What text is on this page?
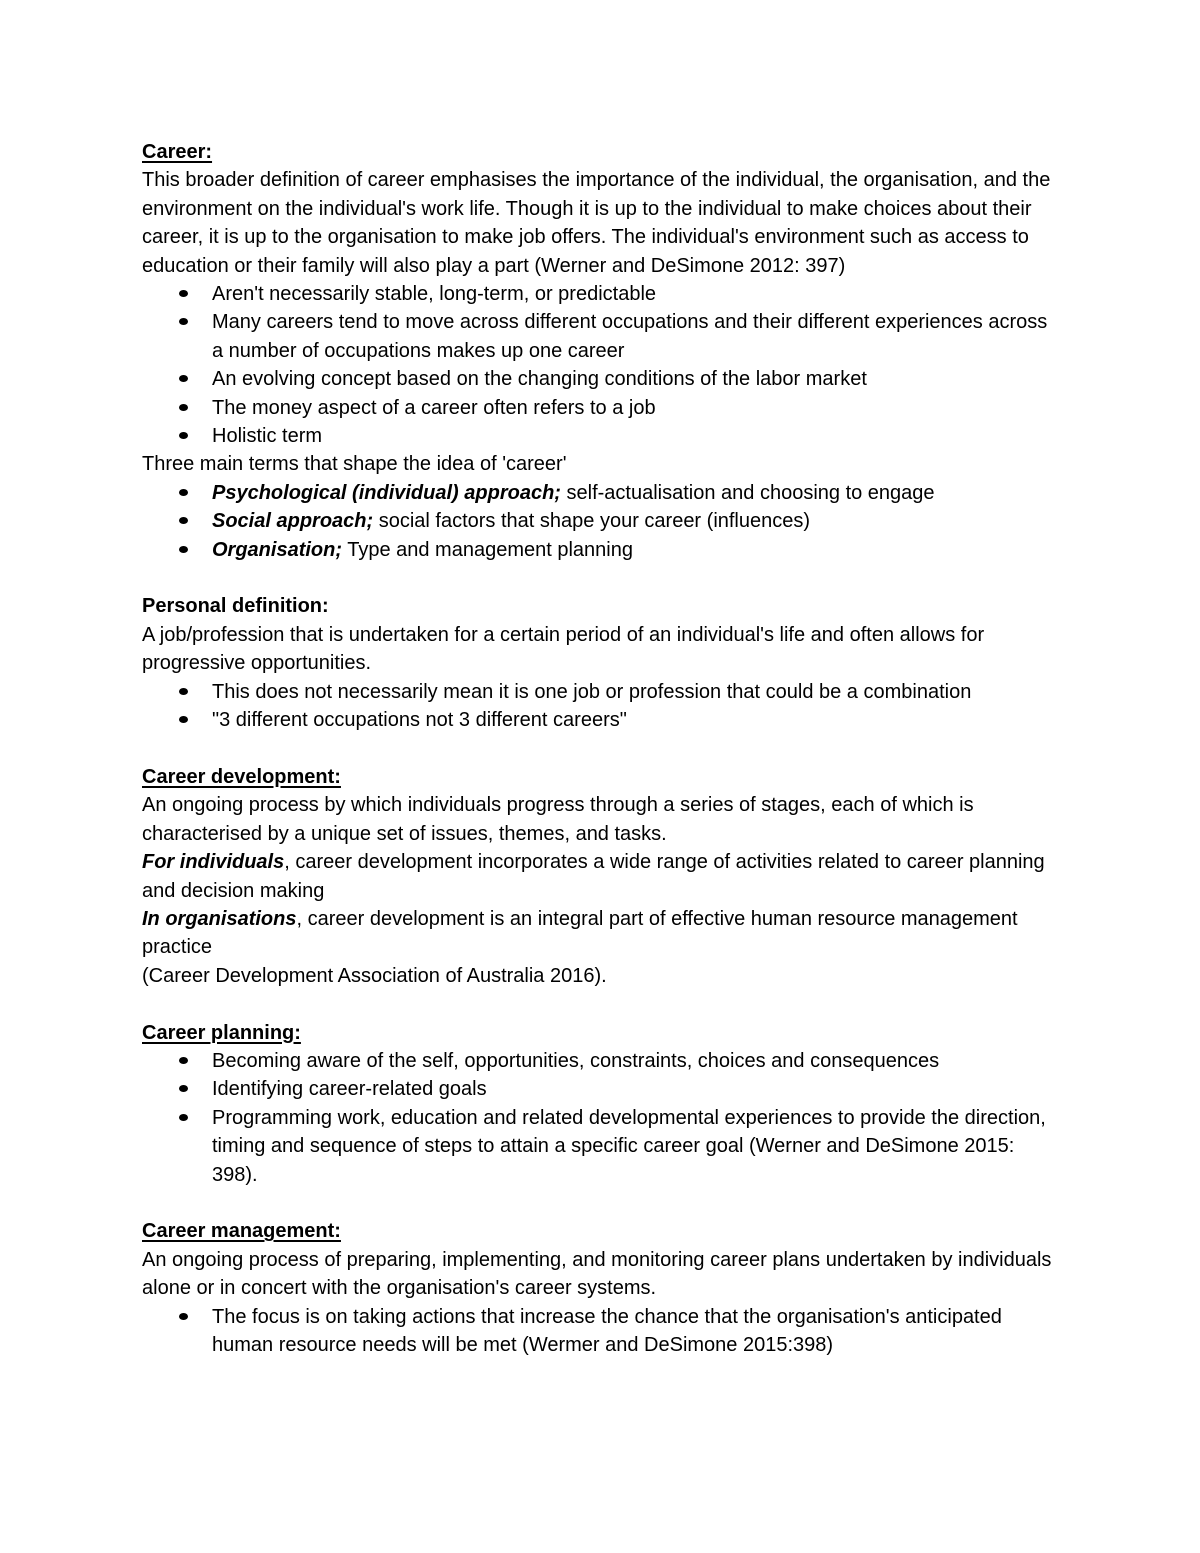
Career:

This broader definition of career emphasises the importance of the individual, the organisation, and the environment on the individual's work life. Though it is up to the individual to make choices about their career, it is up to the organisation to make job offers. The individual's environment such as access to education or their family will also play a part (Werner and DeSimone 2012: 397)

Aren't necessarily stable, long-term, or predictable
Many careers tend to move across different occupations and their different experiences across a number of occupations makes up one career
An evolving concept based on the changing conditions of the labor market
The money aspect of a career often refers to a job
Holistic term

Three main terms that shape the idea of 'career'

Psychological (individual) approach; self-actualisation and choosing to engage
Social approach; social factors that shape your career (influences)
Organisation; Type and management planning

Personal definition:

A job/profession that is undertaken for a certain period of an individual's life and often allows for progressive opportunities.

This does not necessarily mean it is one job or profession that could be a combination
"3 different occupations not 3 different careers"

Career development:

An ongoing process by which individuals progress through a series of stages, each of which is characterised by a unique set of issues, themes, and tasks.

For individuals, career development incorporates a wide range of activities related to career planning and decision making

In organisations, career development is an integral part of effective human resource management practice

(Career Development Association of Australia 2016).

Career planning:

Becoming aware of the self, opportunities, constraints, choices and consequences
Identifying career-related goals
Programming work, education and related developmental experiences to provide the direction, timing and sequence of steps to attain a specific career goal (Werner and DeSimone 2015: 398).

Career management:

An ongoing process of preparing, implementing, and monitoring career plans undertaken by individuals alone or in concert with the organisation's career systems.

The focus is on taking actions that increase the chance that the organisation's anticipated human resource needs will be met (Wermer and DeSimone 2015:398)
